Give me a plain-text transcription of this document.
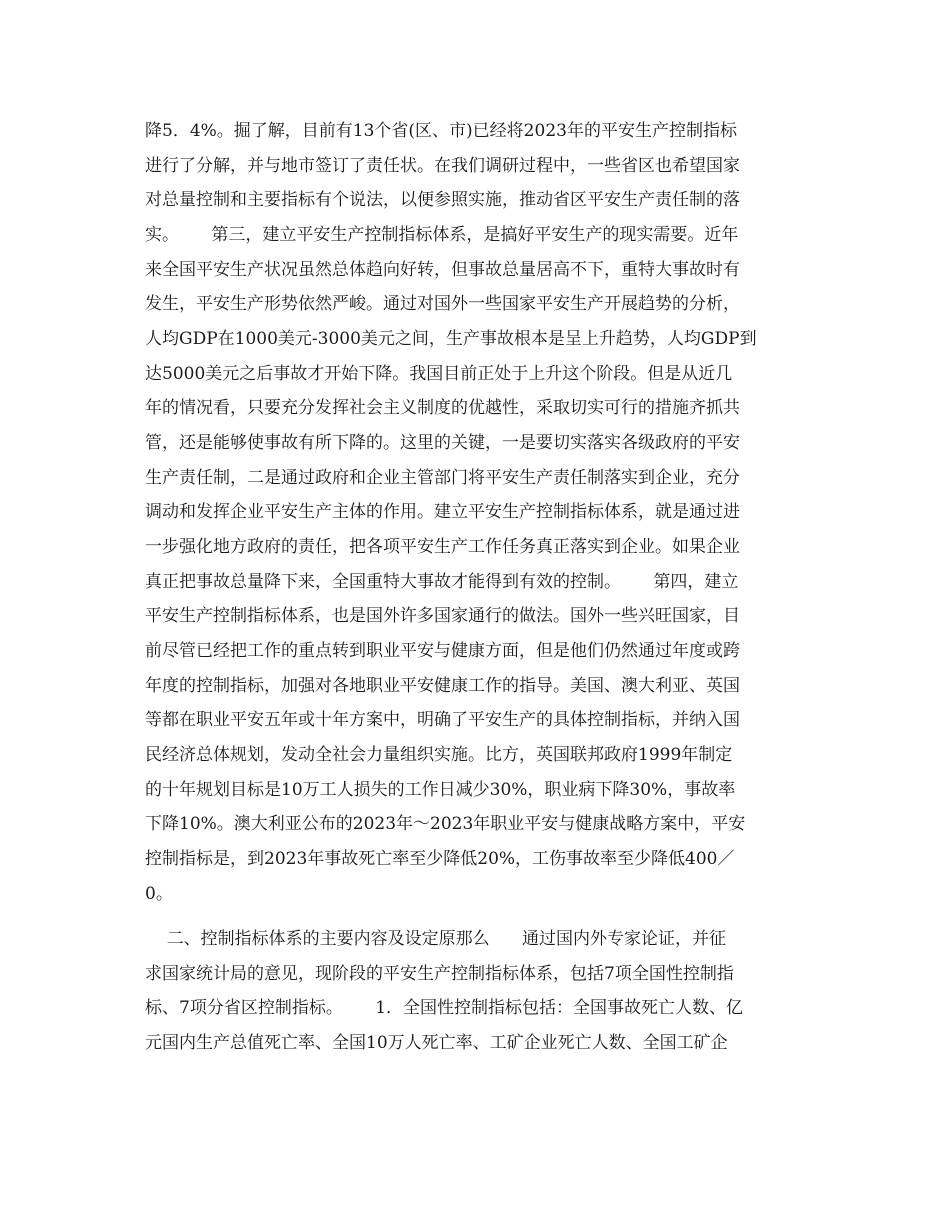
降5．4%。掘了解，目前有13个省(区、市)已经将2023年的平安生产控制指标
进行了分解，并与地市签订了责任状。在我们调研过程中，一些省区也希望国家
对总量控制和主要指标有个说法，以便参照实施，推动省区平安生产责任制的落
实。      第三，建立平安生产控制指标体系，是搞好平安生产的现实需要。近年
来全国平安生产状况虽然总体趋向好转，但事故总量居高不下，重特大事故时有
发生，平安生产形势依然严峻。通过对国外一些国家平安生产开展趋势的分析，
人均GDP在1000美元-3000美元之间，生产事故根本是呈上升趋势，人均GDP到
达5000美元之后事故才开始下降。我国目前正处于上升这个阶段。但是从近几
年的情况看，只要充分发挥社会主义制度的优越性，采取切实可行的措施齐抓共
管，还是能够使事故有所下降的。这里的关键，一是要切实落实各级政府的平安
生产责任制，二是通过政府和企业主管部门将平安生产责任制落实到企业，充分
调动和发挥企业平安生产主体的作用。建立平安生产控制指标体系，就是通过进
一步强化地方政府的责任，把各项平安生产工作任务真正落实到企业。如果企业
真正把事故总量降下来，全国重特大事故才能得到有效的控制。      第四，建立
平安生产控制指标体系，也是国外许多国家通行的做法。国外一些兴旺国家，目
前尽管已经把工作的重点转到职业平安与健康方面，但是他们仍然通过年度或跨
年度的控制指标，加强对各地职业平安健康工作的指导。美国、澳大利亚、英国
等都在职业平安五年或十年方案中，明确了平安生产的具体控制指标，并纳入国
民经济总体规划，发动全社会力量组织实施。比方，英国联邦政府1999年制定
的十年规划目标是10万工人损失的工作日减少30%，职业病下降30%，事故率
下降10%。澳大利亚公布的2023年～2023年职业平安与健康战略方案中，平安
控制指标是，到2023年事故死亡率至少降低20%，工伤事故率至少降低400／
0。
二、控制指标体系的主要内容及设定原那么      通过国内外专家论证，并征
求国家统计局的意见，现阶段的平安生产控制指标体系，包括7项全国性控制指
标、7项分省区控制指标。      1．全国性控制指标包括：全国事故死亡人数、亿
元国内生产总值死亡率、全国10万人死亡率、工矿企业死亡人数、全国工矿企
